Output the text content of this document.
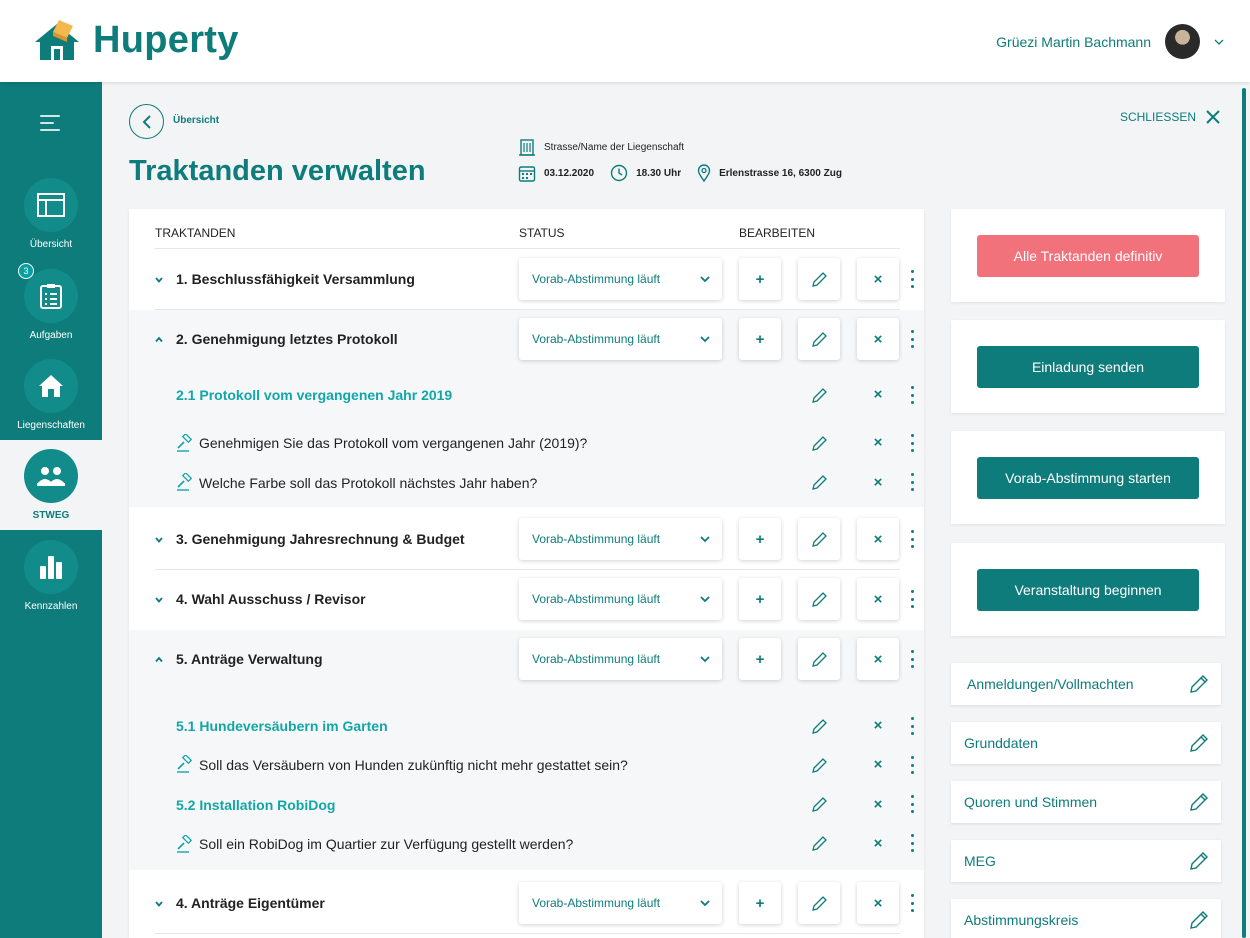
Huperty	Grüezi Martin Bachmann
Übersicht
3
Aufgaben
Liegenschaften
STWEG
Kennzahlen
Übersicht
Traktanden verwalten
Strasse/Name der Liegenschaft
03.12.2020	18.30 Uhr	Erlenstrasse 16, 6300 Zug
SCHLIESSEN
TRAKTANDEN	STATUS	BEARBEITEN
1. Beschlussfähigkeit Versammlung	Vorab-Abstimmung läuft	+	×
2. Genehmigung letztes Protokoll	Vorab-Abstimmung läuft	+	×
2.1 Protokoll vom vergangenen Jahr 2019	×
Genehmigen Sie das Protokoll vom vergangenen Jahr (2019)?	×
Welche Farbe soll das Protokoll nächstes Jahr haben?	×
3. Genehmigung Jahresrechnung & Budget	Vorab-Abstimmung läuft	+	×
4. Wahl Ausschuss / Revisor	Vorab-Abstimmung läuft	+	×
5. Anträge Verwaltung	Vorab-Abstimmung läuft	+	×
5.1 Hundeversäubern im Garten	×
Soll das Versäubern von Hunden zukünftig nicht mehr gestattet sein?	×
5.2 Installation RobiDog	×
Soll ein RobiDog im Quartier zur Verfügung gestellt werden?	×
4. Anträge Eigentümer	Vorab-Abstimmung läuft	+	×
Alle Traktanden definitiv
Einladung senden
Vorab-Abstimmung starten
Veranstaltung beginnen
Anmeldungen/Vollmachten
Grunddaten
Quoren und Stimmen
MEG
Abstimmungskreis
